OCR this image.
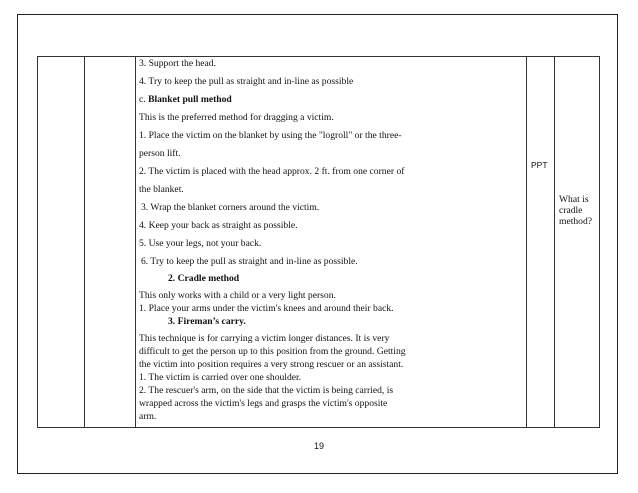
3. Support the head.
4. Try to keep the pull as straight and in-line as possible
c. Blanket pull method
This is the preferred method for dragging a victim.
1. Place the victim on the blanket by using the "logroll" or the three-
person lift.
2. The victim is placed with the head approx. 2 ft. from one corner of
the blanket.
3. Wrap the blanket corners around the victim.
4. Keep your back as straight as possible.
5. Use your legs, not your back.
6. Try to keep the pull as straight and in-line as possible.
2. Cradle method
This only works with a child or a very light person.
1. Place your arms under the victim's knees and around their back.
3. Fireman’s carry.
This technique is for carrying a victim longer distances. It is very
difficult to get the person up to this position from the ground. Getting
the victim into position requires a very strong rescuer or an assistant.
1. The victim is carried over one shoulder.
2. The rescuer's arm, on the side that the victim is being carried, is
wrapped across the victim's legs and grasps the victim's opposite
arm.
PPT
What is
cradle
method?
19
